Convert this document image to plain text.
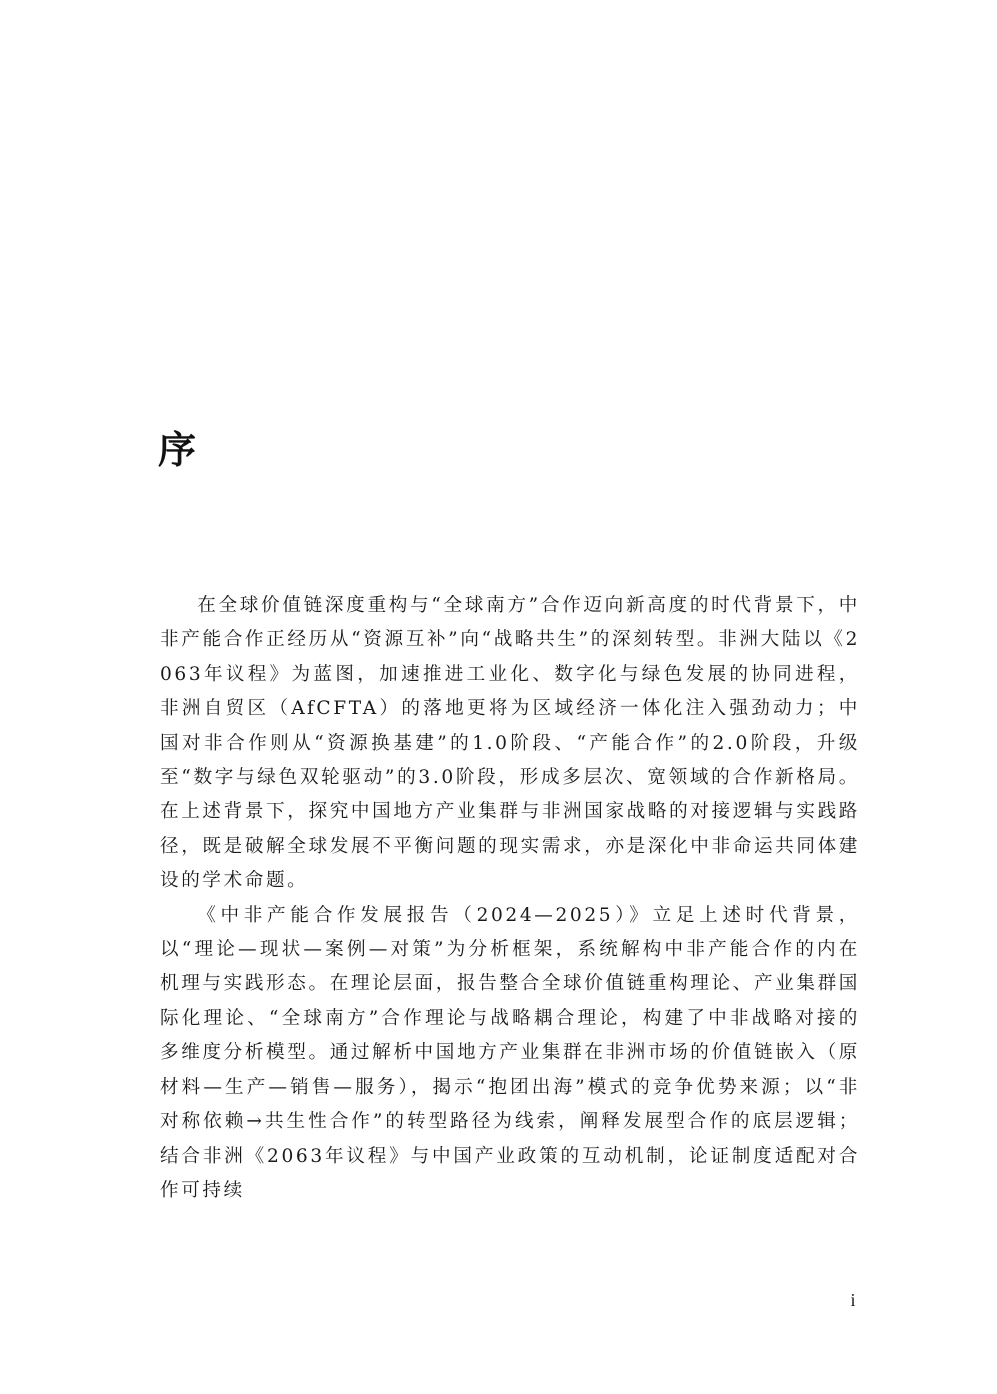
序

在全球价值链深度重构与“全球南方”合作迈向新高度的时代背景下，中非产能合作正经历从“资源互补”向“战略共生”的深刻转型。非洲大陆以《2063年议程》为蓝图，加速推进工业化、数字化与绿色发展的协同进程，非洲自贸区（AfCFTA）的落地更将为区域经济一体化注入强劲动力；中国对非合作则从“资源换基建”的1.0阶段、“产能合作”的2.0阶段，升级至“数字与绿色双轮驱动”的3.0阶段，形成多层次、宽领域的合作新格局。在上述背景下，探究中国地方产业集群与非洲国家战略的对接逻辑与实践路径，既是破解全球发展不平衡问题的现实需求，亦是深化中非命运共同体建设的学术命题。

《中非产能合作发展报告（2024—2025）》立足上述时代背景，以“理论—现状—案例—对策”为分析框架，系统解构中非产能合作的内在机理与实践形态。在理论层面，报告整合全球价值链重构理论、产业集群国际化理论、“全球南方”合作理论与战略耦合理论，构建了中非战略对接的多维度分析模型。通过解析中国地方产业集群在非洲市场的价值链嵌入（原材料—生产—销售—服务），揭示“抱团出海”模式的竞争优势来源；以“非对称依赖→共生性合作”的转型路径为线索，阐释发展型合作的底层逻辑；结合非洲《2063年议程》与中国产业政策的互动机制，论证制度适配对合作可持续

i
